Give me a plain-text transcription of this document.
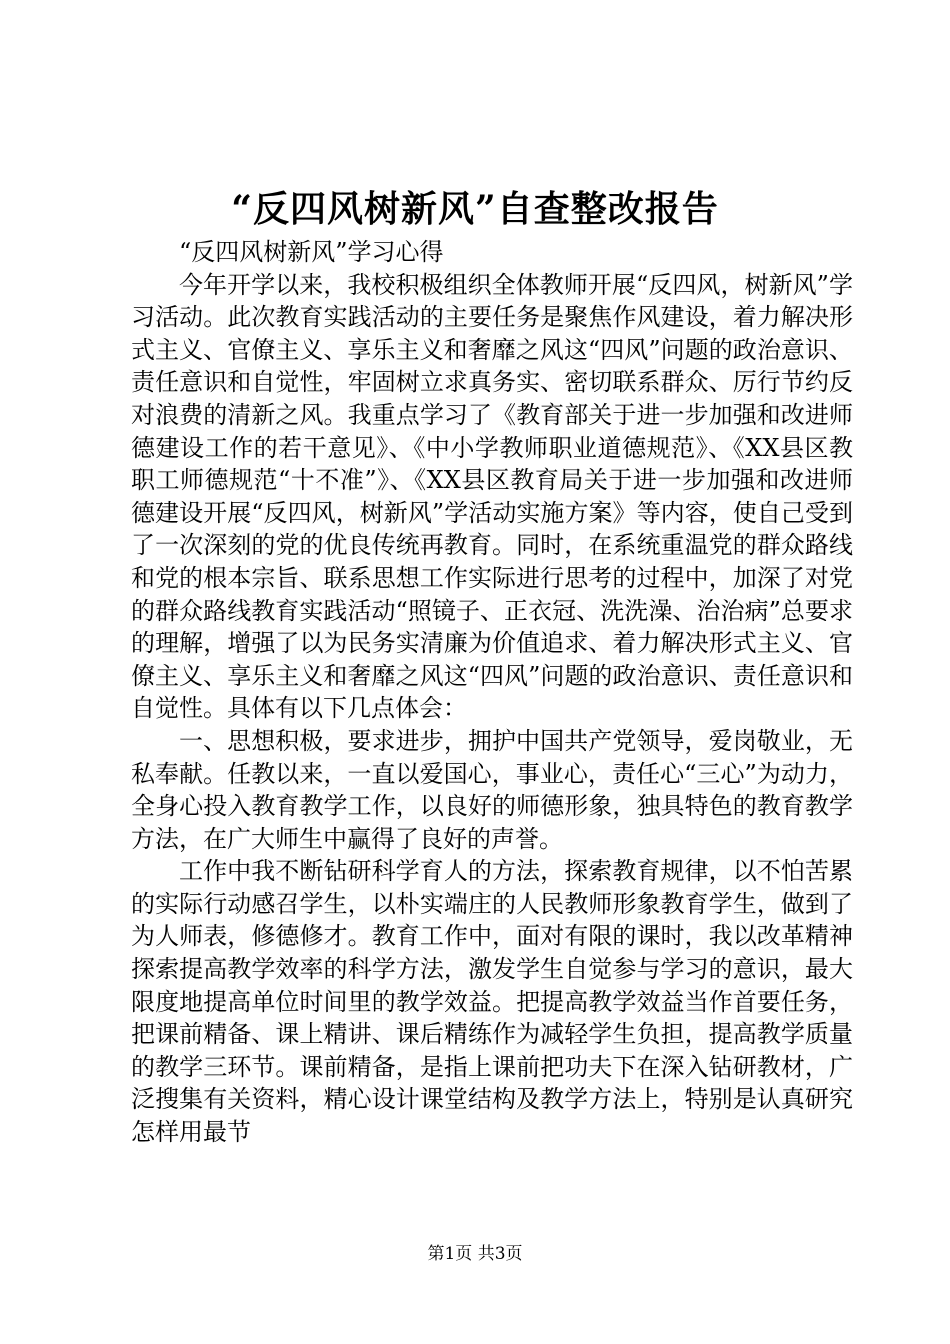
“反四风树新风”自查整改报告

“反四风树新风”学习心得

今年开学以来，我校积极组织全体教师开展“反四风，树新风”学习活动。此次教育实践活动的主要任务是聚焦作风建设，着力解决形式主义、官僚主义、享乐主义和奢靡之风这“四风”问题的政治意识、责任意识和自觉性，牢固树立求真务实、密切联系群众、厉行节约反对浪费的清新之风。我重点学习了《教育部关于进一步加强和改进师德建设工作的若干意见》、《中小学教师职业道德规范》、《XX县区教职工师德规范“十不准”》、《XX县区教育局关于进一步加强和改进师德建设开展“反四风，树新风”学活动实施方案》等内容，使自己受到了一次深刻的党的优良传统再教育。同时，在系统重温党的群众路线和党的根本宗旨、联系思想工作实际进行思考的过程中，加深了对党的群众路线教育实践活动“照镜子、正衣冠、洗洗澡、治治病”总要求的理解，增强了以为民务实清廉为价值追求、着力解决形式主义、官僚主义、享乐主义和奢靡之风这“四风”问题的政治意识、责任意识和自觉性。具体有以下几点体会：

一、思想积极，要求进步，拥护中国共产党领导，爱岗敬业，无私奉献。任教以来，一直以爱国心，事业心，责任心“三心”为动力，全身心投入教育教学工作，以良好的师德形象，独具特色的教育教学方法，在广大师生中赢得了良好的声誉。

工作中我不断钻研科学育人的方法，探索教育规律，以不怕苦累的实际行动感召学生，以朴实端庄的人民教师形象教育学生，做到了为人师表，修德修才。教育工作中，面对有限的课时，我以改革精神探索提高教学效率的科学方法，激发学生自觉参与学习的意识，最大限度地提高单位时间里的教学效益。把提高教学效益当作首要任务，把课前精备、课上精讲、课后精练作为减轻学生负担，提高教学质量的教学三环节。课前精备，是指上课前把功夫下在深入钻研教材，广泛搜集有关资料，精心设计课堂结构及教学方法上，特别是认真研究怎样用最节

第1页 共3页
